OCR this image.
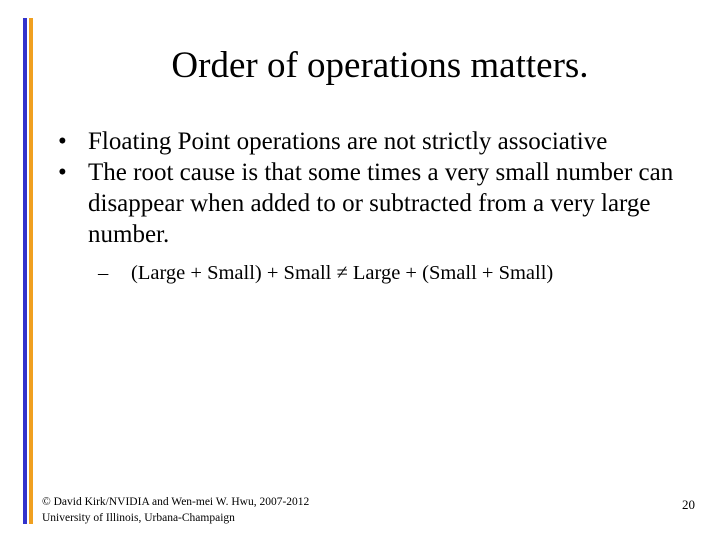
Order of operations matters.
• Floating Point operations are not strictly associative
• The root cause is that some times a very small number can disappear when added to or subtracted from a very large number.
– (Large + Small) + Small ≠ Large + (Small + Small)
© David Kirk/NVIDIA and Wen-mei W. Hwu, 2007-2012
University of Illinois, Urbana-Champaign
20
